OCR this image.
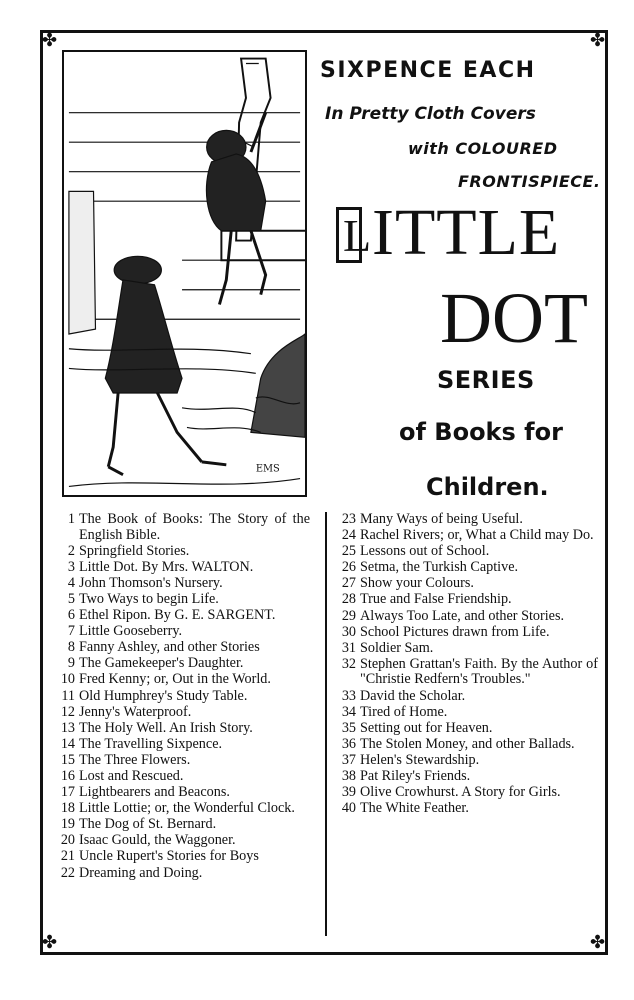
✤	✤
✤	✤
EMS
SIXPENCE EACH
In Pretty Cloth Covers
with COLOURED
FRONTISPIECE.
L ITTLE
DOT
SERIES
of Books for
Children.
1 The Book of Books: The Story of the English Bible.
2 Springfield Stories.
3 Little Dot. By Mrs. WALTON.
4 John Thomson's Nursery.
5 Two Ways to begin Life.
6 Ethel Ripon. By G. E. SARGENT.
7 Little Gooseberry.
8 Fanny Ashley, and other Stories
9 The Gamekeeper's Daughter.
10 Fred Kenny; or, Out in the World.
11 Old Humphrey's Study Table.
12 Jenny's Waterproof.
13 The Holy Well. An Irish Story.
14 The Travelling Sixpence.
15 The Three Flowers.
16 Lost and Rescued.
17 Lightbearers and Beacons.
18 Little Lottie; or, the Wonderful Clock.
19 The Dog of St. Bernard.
20 Isaac Gould, the Waggoner.
21 Uncle Rupert's Stories for Boys
22 Dreaming and Doing.
23 Many Ways of being Useful.
24 Rachel Rivers; or, What a Child may Do.
25 Lessons out of School.
26 Setma, the Turkish Captive.
27 Show your Colours.
28 True and False Friendship.
29 Always Too Late, and other Stories.
30 School Pictures drawn from Life.
31 Soldier Sam.
32 Stephen Grattan's Faith. By the Author of "Christie Redfern's Troubles."
33 David the Scholar.
34 Tired of Home.
35 Setting out for Heaven.
36 The Stolen Money, and other Ballads.
37 Helen's Stewardship.
38 Pat Riley's Friends.
39 Olive Crowhurst. A Story for Girls.
40 The White Feather.
